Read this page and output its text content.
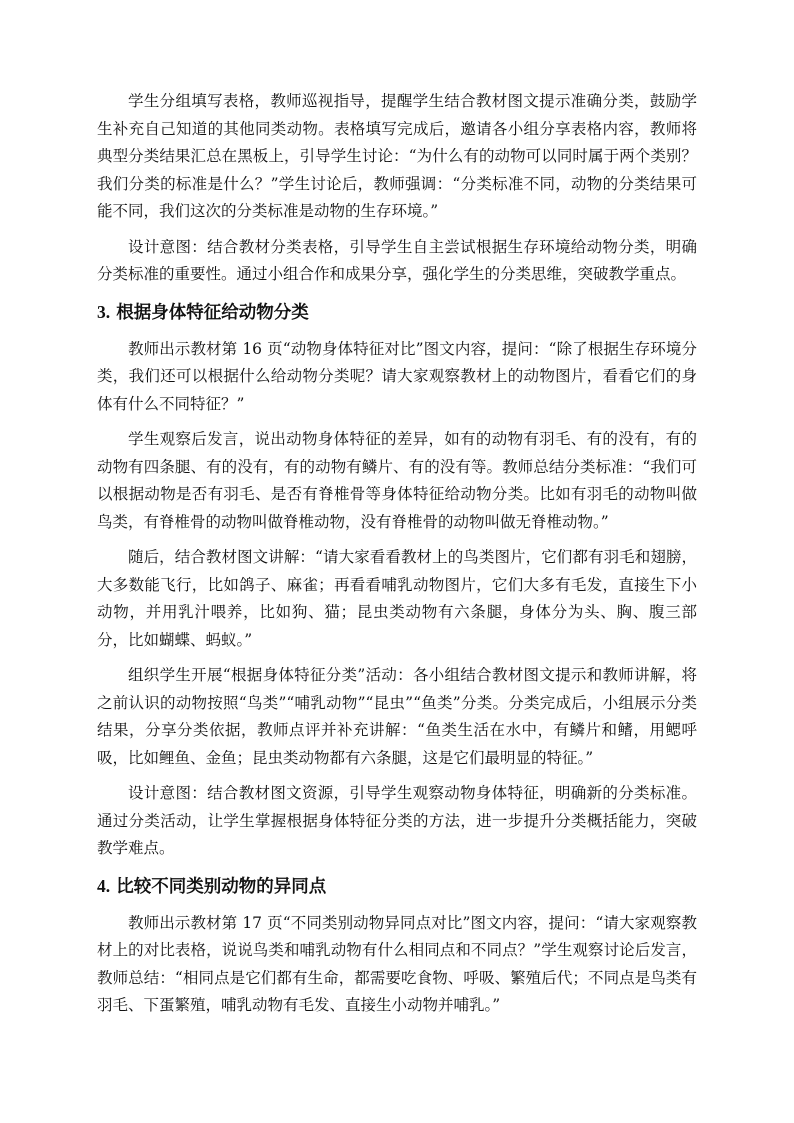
学生分组填写表格，教师巡视指导，提醒学生结合教材图文提示准确分类，鼓励学生补充自己知道的其他同类动物。表格填写完成后，邀请各小组分享表格内容，教师将典型分类结果汇总在黑板上，引导学生讨论：“为什么有的动物可以同时属于两个类别？我们分类的标准是什么？”学生讨论后，教师强调：“分类标准不同，动物的分类结果可能不同，我们这次的分类标准是动物的生存环境。”

设计意图：结合教材分类表格，引导学生自主尝试根据生存环境给动物分类，明确分类标准的重要性。通过小组合作和成果分享，强化学生的分类思维，突破教学重点。

3. 根据身体特征给动物分类

教师出示教材第 16 页“动物身体特征对比”图文内容，提问：“除了根据生存环境分类，我们还可以根据什么给动物分类呢？请大家观察教材上的动物图片，看看它们的身体有什么不同特征？”

学生观察后发言，说出动物身体特征的差异，如有的动物有羽毛、有的没有，有的动物有四条腿、有的没有，有的动物有鳞片、有的没有等。教师总结分类标准：“我们可以根据动物是否有羽毛、是否有脊椎骨等身体特征给动物分类。比如有羽毛的动物叫做鸟类，有脊椎骨的动物叫做脊椎动物，没有脊椎骨的动物叫做无脊椎动物。”

随后，结合教材图文讲解：“请大家看看教材上的鸟类图片，它们都有羽毛和翅膀，大多数能飞行，比如鸽子、麻雀；再看看哺乳动物图片，它们大多有毛发，直接生下小动物，并用乳汁喂养，比如狗、猫；昆虫类动物有六条腿，身体分为头、胸、腹三部分，比如蝴蝶、蚂蚁。”

组织学生开展“根据身体特征分类”活动：各小组结合教材图文提示和教师讲解，将之前认识的动物按照“鸟类”“哺乳动物”“昆虫”“鱼类”分类。分类完成后，小组展示分类结果，分享分类依据，教师点评并补充讲解：“鱼类生活在水中，有鳞片和鳍，用鳃呼吸，比如鲤鱼、金鱼；昆虫类动物都有六条腿，这是它们最明显的特征。”

设计意图：结合教材图文资源，引导学生观察动物身体特征，明确新的分类标准。通过分类活动，让学生掌握根据身体特征分类的方法，进一步提升分类概括能力，突破教学难点。

4. 比较不同类别动物的异同点

教师出示教材第 17 页“不同类别动物异同点对比”图文内容，提问：“请大家观察教材上的对比表格，说说鸟类和哺乳动物有什么相同点和不同点？”学生观察讨论后发言，教师总结：“相同点是它们都有生命，都需要吃食物、呼吸、繁殖后代；不同点是鸟类有羽毛、下蛋繁殖，哺乳动物有毛发、直接生小动物并哺乳。”
